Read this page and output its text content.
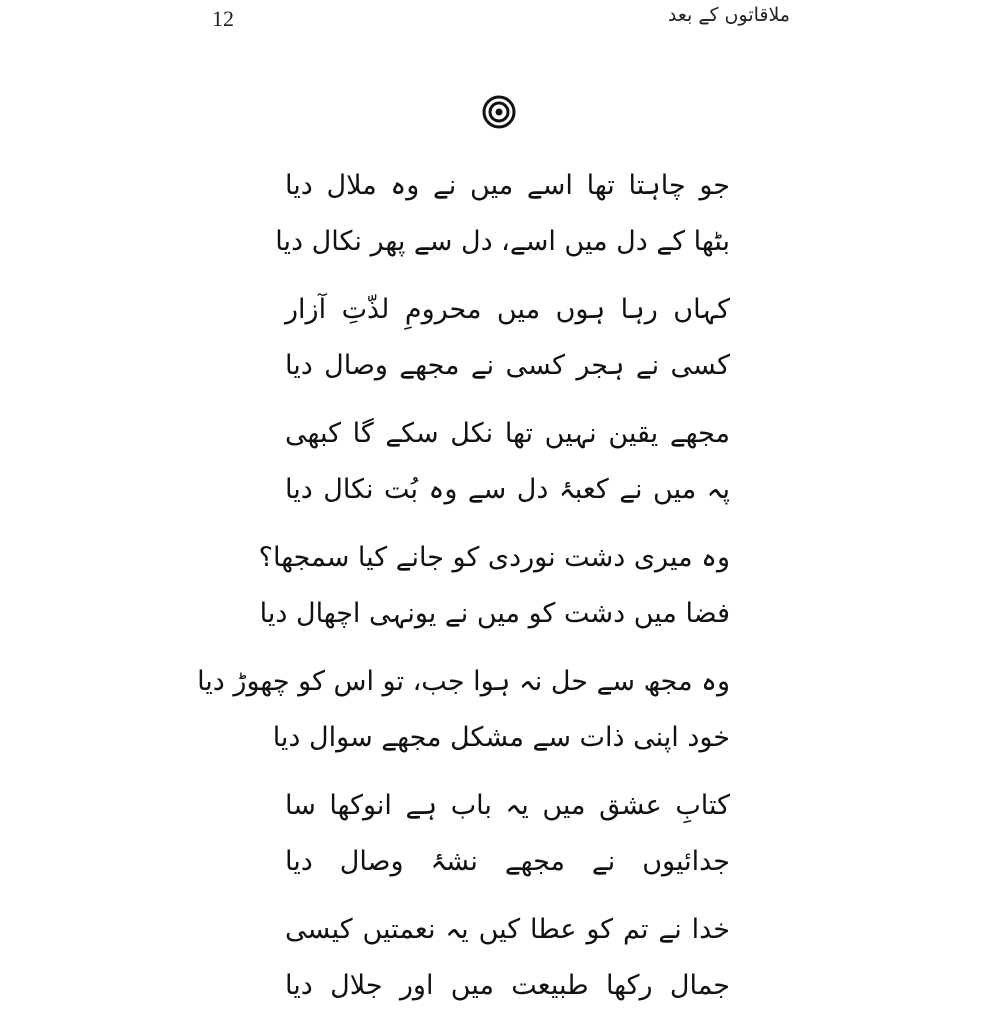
12	ملاقاتوں کے بعد
جو چاہتا تھا اسے میں نے وہ ملال دیا
بٹھا کے دل میں اسے، دل سے پھر نکال دیا
کہاں رہا ہوں میں محرومِ لذّتِ آزار
کسی نے ہجر کسی نے مجھے وصال دیا
مجھے یقین نہیں تھا نکل سکے گا کبھی
پہ میں نے کعبۂ دل سے وہ بُت نکال دیا
وہ میری دشت نوردی کو جانے کیا سمجھا؟
فضا میں دشت کو میں نے یونہی اچھال دیا
وہ مجھ سے حل نہ ہوا جب، تو اس کو چھوڑ دیا
خود اپنی ذات سے مشکل مجھے سوال دیا
کتابِ عشق میں یہ باب ہے انوکھا سا
جدائیوں نے مجھے نشۂ وصال دیا
خدا نے تم کو عطا کیں یہ نعمتیں کیسی
جمال رکھا طبیعت میں اور جلال دیا
